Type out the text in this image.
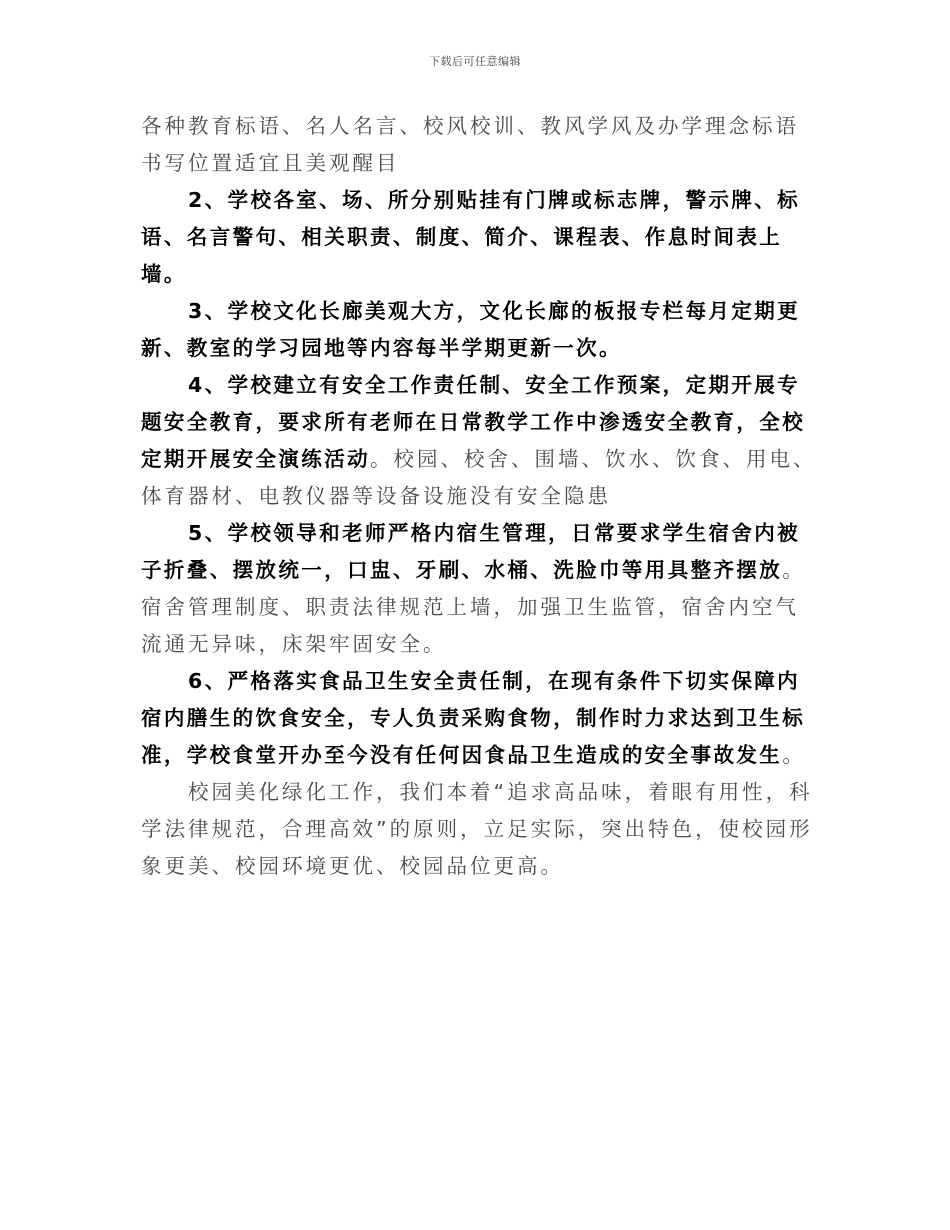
下载后可任意编辑

各种教育标语、名人名言、校风校训、教风学风及办学理念标语书写位置适宜且美观醒目

2、学校各室、场、所分别贴挂有门牌或标志牌，警示牌、标语、名言警句、相关职责、制度、简介、课程表、作息时间表上墙。

3、学校文化长廊美观大方，文化长廊的板报专栏每月定期更新、教室的学习园地等内容每半学期更新一次。

4、学校建立有安全工作责任制、安全工作预案，定期开展专题安全教育，要求所有老师在日常教学工作中渗透安全教育，全校定期开展安全演练活动。校园、校舍、围墙、饮水、饮食、用电、体育器材、电教仪器等设备设施没有安全隐患

5、学校领导和老师严格内宿生管理，日常要求学生宿舍内被子折叠、摆放统一，口盅、牙刷、水桶、洗脸巾等用具整齐摆放。宿舍管理制度、职责法律规范上墙，加强卫生监管，宿舍内空气流通无异味，床架牢固安全。

6、严格落实食品卫生安全责任制，在现有条件下切实保障内宿内膳生的饮食安全，专人负责采购食物，制作时力求达到卫生标准，学校食堂开办至今没有任何因食品卫生造成的安全事故发生。

校园美化绿化工作，我们本着“追求高品味，着眼有用性，科学法律规范，合理高效”的原则，立足实际，突出特色，使校园形象更美、校园环境更优、校园品位更高。
